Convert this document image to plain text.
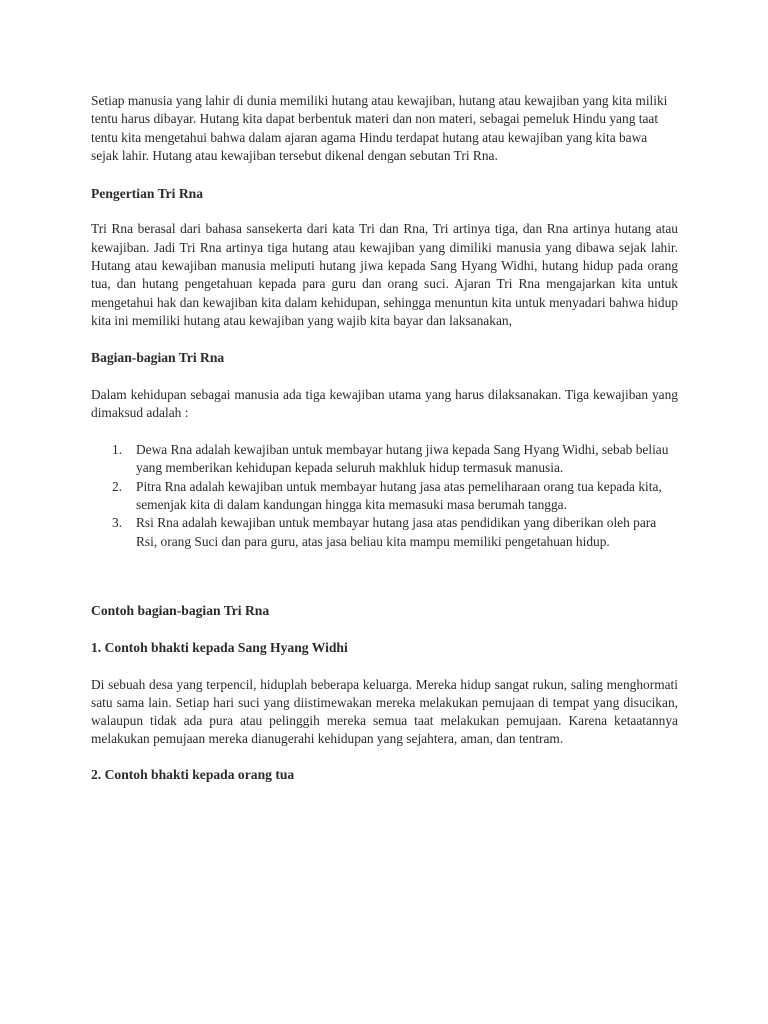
Setiap manusia yang lahir di dunia memiliki hutang atau kewajiban, hutang atau kewajiban yang kita miliki tentu harus dibayar. Hutang kita dapat berbentuk materi dan non materi, sebagai pemeluk Hindu yang taat tentu kita mengetahui bahwa dalam ajaran agama Hindu terdapat hutang atau kewajiban yang kita bawa sejak lahir. Hutang atau kewajiban tersebut dikenal dengan sebutan Tri Rna.

Pengertian Tri Rna

Tri Rna berasal dari bahasa sansekerta dari kata Tri dan Rna, Tri artinya tiga, dan Rna artinya hutang atau kewajiban. Jadi Tri Rna artinya tiga hutang atau kewajiban yang dimiliki manusia yang dibawa sejak lahir. Hutang atau kewajiban manusia meliputi hutang jiwa kepada Sang Hyang Widhi, hutang hidup pada orang tua, dan hutang pengetahuan kepada para guru dan orang suci. Ajaran Tri Rna mengajarkan kita untuk mengetahui hak dan kewajiban kita dalam kehidupan, sehingga menuntun kita untuk menyadari bahwa hidup kita ini memiliki hutang atau kewajiban yang wajib kita bayar dan laksanakan,

Bagian-bagian Tri Rna

Dalam kehidupan sebagai manusia ada tiga kewajiban utama yang harus dilaksanakan. Tiga kewajiban yang dimaksud adalah :

1. Dewa Rna adalah kewajiban untuk membayar hutang jiwa kepada Sang Hyang Widhi, sebab beliau yang memberikan kehidupan kepada seluruh makhluk hidup termasuk manusia.
2. Pitra Rna adalah kewajiban untuk membayar hutang jasa atas pemeliharaan orang tua kepada kita, semenjak kita di dalam kandungan hingga kita memasuki masa berumah tangga.
3. Rsi Rna adalah kewajiban untuk membayar hutang jasa atas pendidikan yang diberikan oleh para Rsi, orang Suci dan para guru, atas jasa beliau kita mampu memiliki pengetahuan hidup.

Contoh bagian-bagian Tri Rna

1. Contoh bhakti kepada Sang Hyang Widhi

Di sebuah desa yang terpencil, hiduplah beberapa keluarga. Mereka hidup sangat rukun, saling menghormati satu sama lain. Setiap hari suci yang diistimewakan mereka melakukan pemujaan di tempat yang disucikan, walaupun tidak ada pura atau pelinggih mereka semua taat melakukan pemujaan. Karena ketaatannya melakukan pemujaan mereka dianugerahi kehidupan yang sejahtera, aman, dan tentram.

2. Contoh bhakti kepada orang tua
